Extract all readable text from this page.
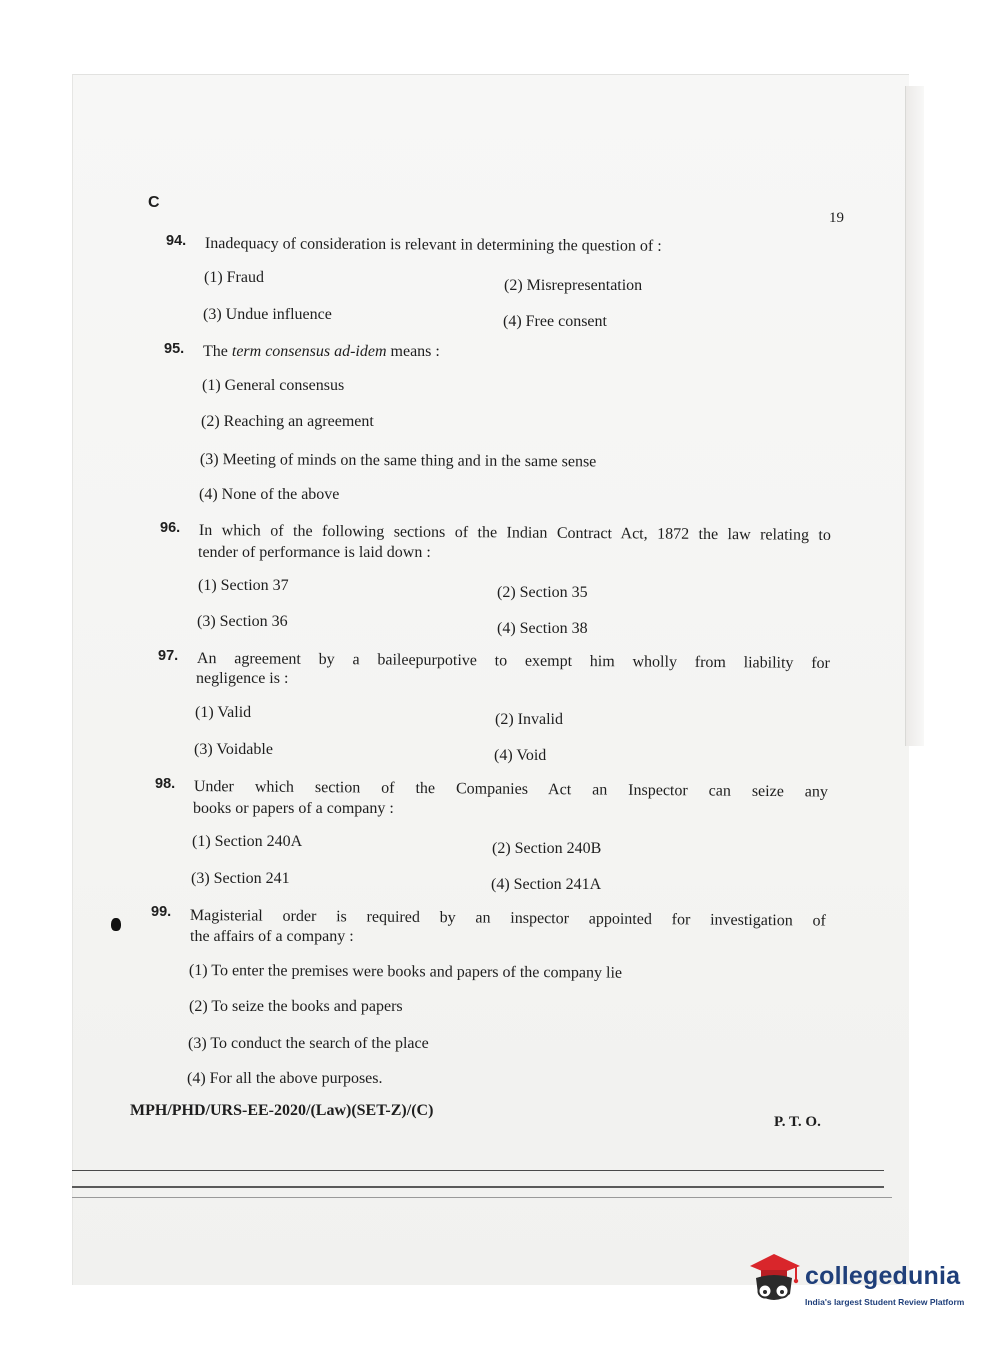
C
19
94. Inadequacy of consideration is relevant in determining the question of :
(1) Fraud	(2) Misrepresentation
(3) Undue influence	(4) Free consent
95. The term consensus ad-idem means :
(1) General consensus
(2) Reaching an agreement
(3) Meeting of minds on the same thing and in the same sense
(4) None of the above
96. In which of the following sections of the Indian Contract Act, 1872 the law relating to
tender of performance is laid down :
(1) Section 37	(2) Section 35
(3) Section 36	(4) Section 38
97. An agreement by a baileepurpotive to exempt him wholly from liability for
negligence is :
(1) Valid	(2) Invalid
(3) Voidable	(4) Void
98. Under which section of the Companies Act an Inspector can seize any
books or papers of a company :
(1) Section 240A	(2) Section 240B
(3) Section 241	(4) Section 241A
99. Magisterial order is required by an inspector appointed for investigation of
the affairs of a company :
(1) To enter the premises were books and papers of the company lie
(2) To seize the books and papers
(3) To conduct the search of the place
(4) For all the above purposes.
MPH/PHD/URS-EE-2020/(Law)(SET-Z)/(C)
P. T. O.
collegedunia
India's largest Student Review Platform
